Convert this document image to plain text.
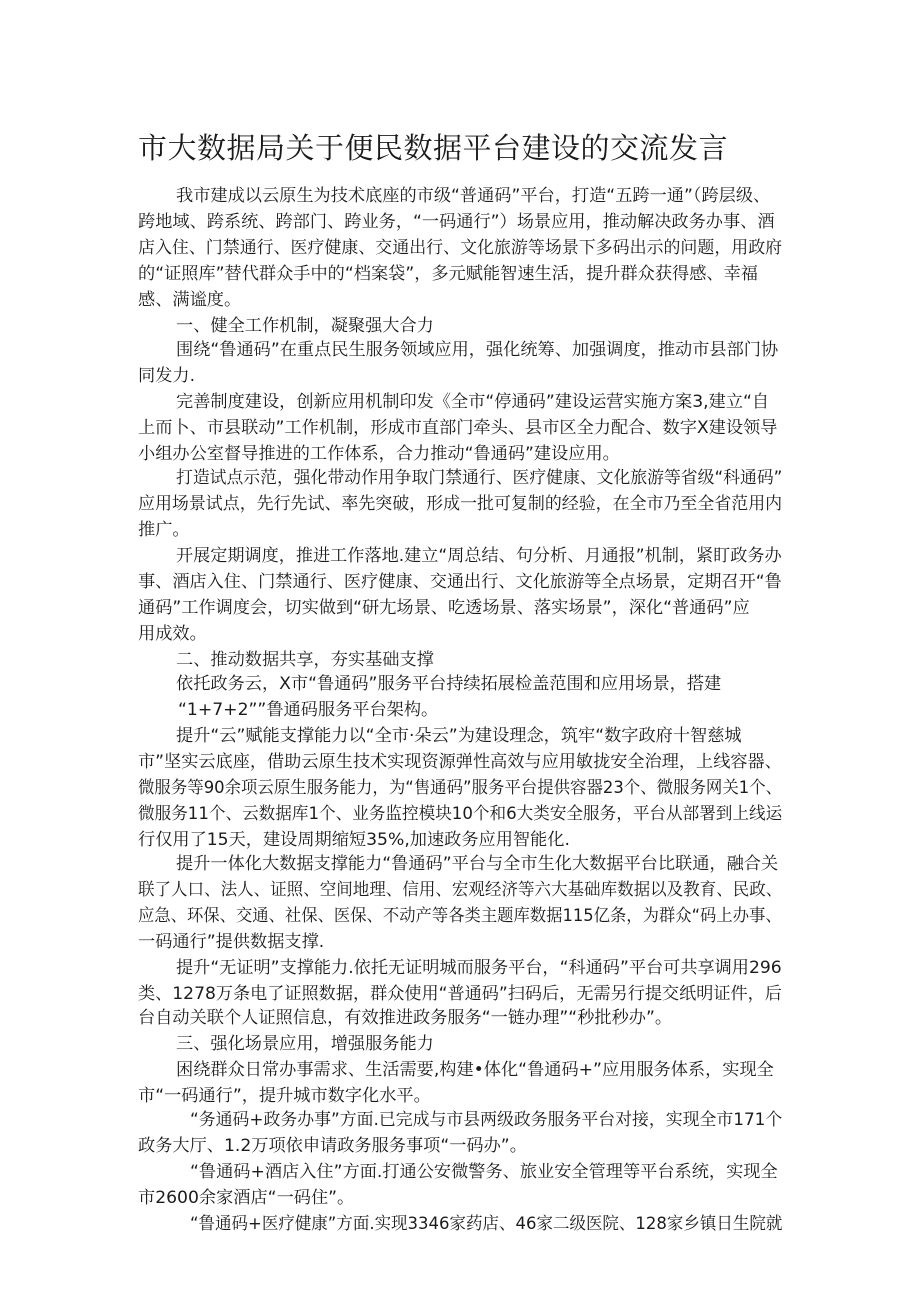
市大数据局关于便民数据平台建设的交流发言
我市建成以云原生为技术底座的市级“普通码”平台，打造“五跨一通”（跨层级、
跨地域、跨系统、跨部门、跨业务，“一码通行”）场景应用，推动解决政务办事、酒
店入住、门禁通行、医疗健康、交通出行、文化旅游等场景下多码出示的问题，用政府
的“证照库”替代群众手中的“档案袋”，多元赋能智速生活，提升群众获得感、幸福
感、满谧度。
一、健全工作机制，凝聚强大合力
围绕“鲁通码”在重点民生服务领域应用，强化统筹、加强调度，推动市县部门协
同发力.
完善制度建设，创新应用机制印发《全市“停通码”建设运营实施方案3,建立“自
上而卜、市县联动”工作机制，形成市直部门牵头、县市区全力配合、数字X建设领导
小组办公室督导推进的工作体系，合力推动“鲁通码”建设应用。
打造试点示范，强化带动作用争取门禁通行、医疗健康、文化旅游等省级“科通码”
应用场景试点，先行先试、率先突破，形成一批可复制的经验，在全市乃至全省范用内
推广。
开展定期调度，推进工作落地.建立“周总结、句分析、月通报”机制，紧盯政务办
事、酒店入住、门禁通行、医疗健康、交通出行、文化旅游等全点场景，定期召开“鲁
通码”工作调度会，切实做到“研尢场景、吃透场景、落实场景”，深化“普通码”应
用成效。
二、推动数据共享，夯实基础支撑
依托政务云，X市“鲁通码”服务平台持续拓展检盖范围和应用场景，搭建
“1+7+2””鲁通码服务平台架构。
提升“云”赋能支撑能力以“全市·朵云”为建设理念，筑牢“数字政府十智慈城
市”坚实云底座，借助云原生技术实现资源弹性高效与应用敏拢安全治理，上线容器、
微服务等90余项云原生服务能力，为“售通码”服务平台提供容器23个、微服务网关1个、
微服务11个、云数据库1个、业务监控模块10个和6大类安全服务，平台从部署到上线运
行仅用了15天，建设周期缩短35%,加速政务应用智能化.
提升一体化大数据支撑能力“鲁通码”平台与全市生化大数据平台比联通，融合关
联了人口、法人、证照、空间地理、信用、宏观经济等六大基础库数据以及教育、民政、
应急、环保、交通、社保、医保、不动产等各类主题库数据115亿条，为群众“码上办事、
一码通行”提供数据支撑.
提升“无证明”支撑能力.依托无证明城而服务平台，“科通码”平台可共享调用296
类、1278万条电了证照数据，群众使用“普通码”扫码后，无需另行提交纸明证件，后
台自动关联个人证照信息，有效推进政务服务“一链办理”“秒批秒办”。
三、强化场景应用，增强服务能力
困绕群众日常办事需求、生活需要,构建•体化“鲁通码+”应用服务体系，实现全
市“一码通行”，提升城市数字化水平。
“务通码+政务办事”方面.已完成与市县两级政务服务平台对接，实现全市171个
政务大厅、1.2万项依申请政务服务事项“一码办”。
“鲁通码+酒店入住”方面.打通公安微警务、旅业安全管理等平台系统，实现全
市2600余家酒店“一码住”。
“鲁通码+医疗健康”方面.实现3346家药店、46家二级医院、128家乡镇日生院就
